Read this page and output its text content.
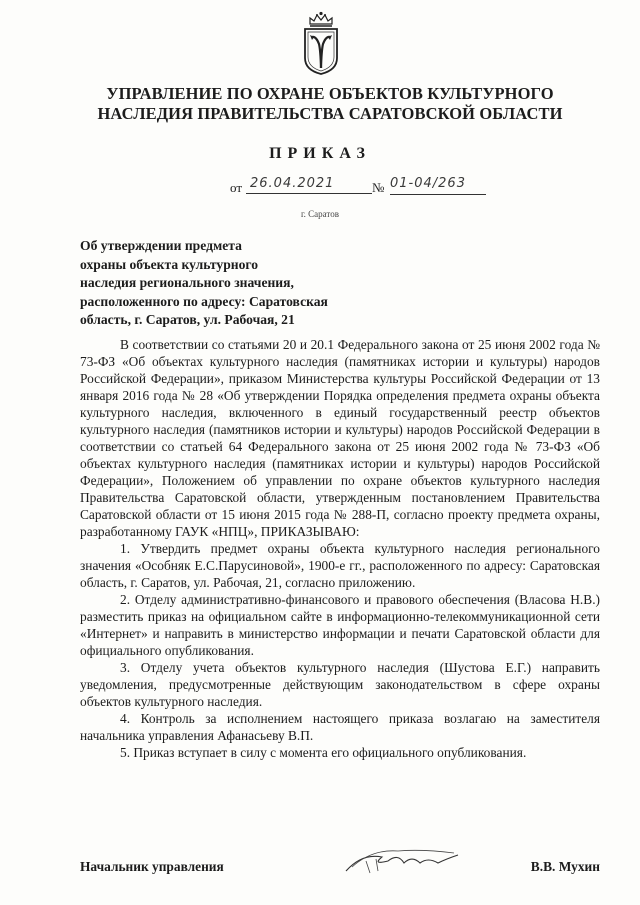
УПРАВЛЕНИЕ ПО ОХРАНЕ ОБЪЕКТОВ КУЛЬТУРНОГО
НАСЛЕДИЯ ПРАВИТЕЛЬСТВА САРАТОВСКОЙ ОБЛАСТИ
ПРИКАЗ
от 26.04.2021	№ 01-04/263
г. Саратов
Об утверждении предмета
охраны объекта культурного
наследия регионального значения,
расположенного по адресу: Саратовская
область, г. Саратов, ул. Рабочая, 21

В соответствии со статьями 20 и 20.1 Федерального закона от 25 июня 2002 года № 73-ФЗ «Об объектах культурного наследия (памятниках истории и культуры) народов Российской Федерации», приказом Министерства культуры Российской Федерации от 13 января 2016 года № 28 «Об утверждении Порядка определения предмета охраны объекта культурного наследия, включенного в единый государственный реестр объектов культурного наследия (памятников истории и культуры) народов Российской Федерации в соответствии со статьей 64 Федерального закона от 25 июня 2002 года № 73-ФЗ «Об объектах культурного наследия (памятниках истории и культуры) народов Российской Федерации», Положением об управлении по охране объектов культурного наследия Правительства Саратовской области, утвержденным постановлением Правительства Саратовской области от 15 июня 2015 года № 288-П, согласно проекту предмета охраны, разработанному ГАУК «НПЦ», ПРИКАЗЫВАЮ:

1. Утвердить предмет охраны объекта культурного наследия регионального значения «Особняк Е.С.Парусиновой», 1900-е гг., расположенного по адресу: Саратовская область, г. Саратов, ул. Рабочая, 21, согласно приложению.

2. Отделу административно-финансового и правового обеспечения (Власова Н.В.) разместить приказ на официальном сайте в информационно-телекоммуникационной сети «Интернет» и направить в министерство информации и печати Саратовской области для официального опубликования.

3. Отделу учета объектов культурного наследия (Шустова Е.Г.) направить уведомления, предусмотренные действующим законодательством в сфере охраны объектов культурного наследия.

4. Контроль за исполнением настоящего приказа возлагаю на заместителя начальника управления Афанасьеву В.П.

5. Приказ вступает в силу с момента его официального опубликования.

Начальник управления	В.В. Мухин
